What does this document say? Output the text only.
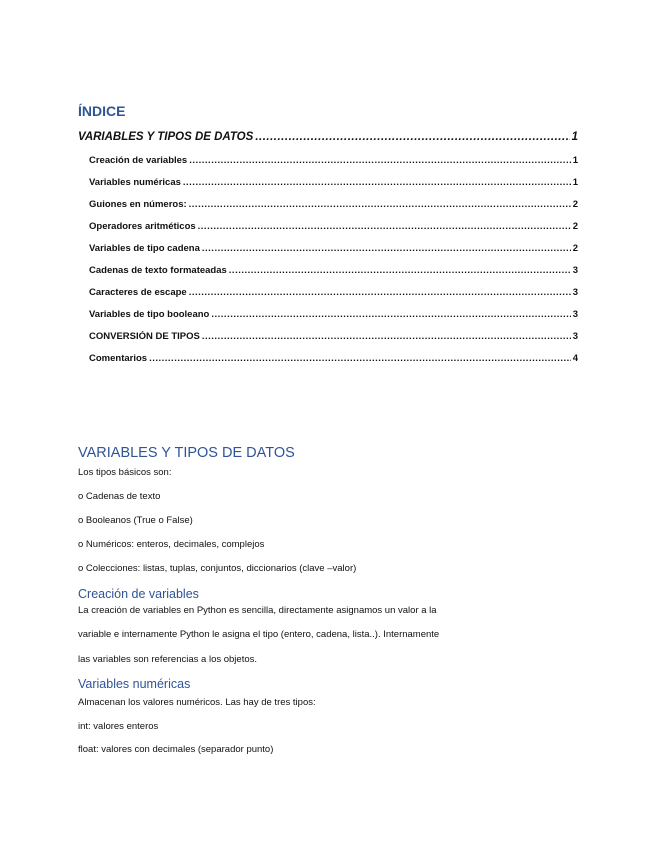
ÍNDICE
VARIABLES Y TIPOS DE DATOS .....	1
Creación de variables .....	1
Variables numéricas .....	1
Guiones en números: .....	2
Operadores aritméticos .....	2
Variables de tipo cadena .....	2
Cadenas de texto formateadas .....	3
Caracteres de escape .....	3
Variables de tipo booleano .....	3
CONVERSIÓN DE TIPOS .....	3
Comentarios .....	4
VARIABLES Y TIPOS DE DATOS
Los tipos básicos son:
o Cadenas de texto
o Booleanos (True o False)
o Numéricos: enteros, decimales, complejos
o Colecciones: listas, tuplas, conjuntos, diccionarios (clave –valor)
Creación de variables
La creación de variables en Python es sencilla, directamente asignamos un valor a la
variable e internamente Python le asigna el tipo (entero, cadena, lista..). Internamente
las variables son referencias a los objetos.
Variables numéricas
Almacenan los valores numéricos. Las hay de tres tipos:
int: valores enteros
float: valores con decimales (separador punto)
